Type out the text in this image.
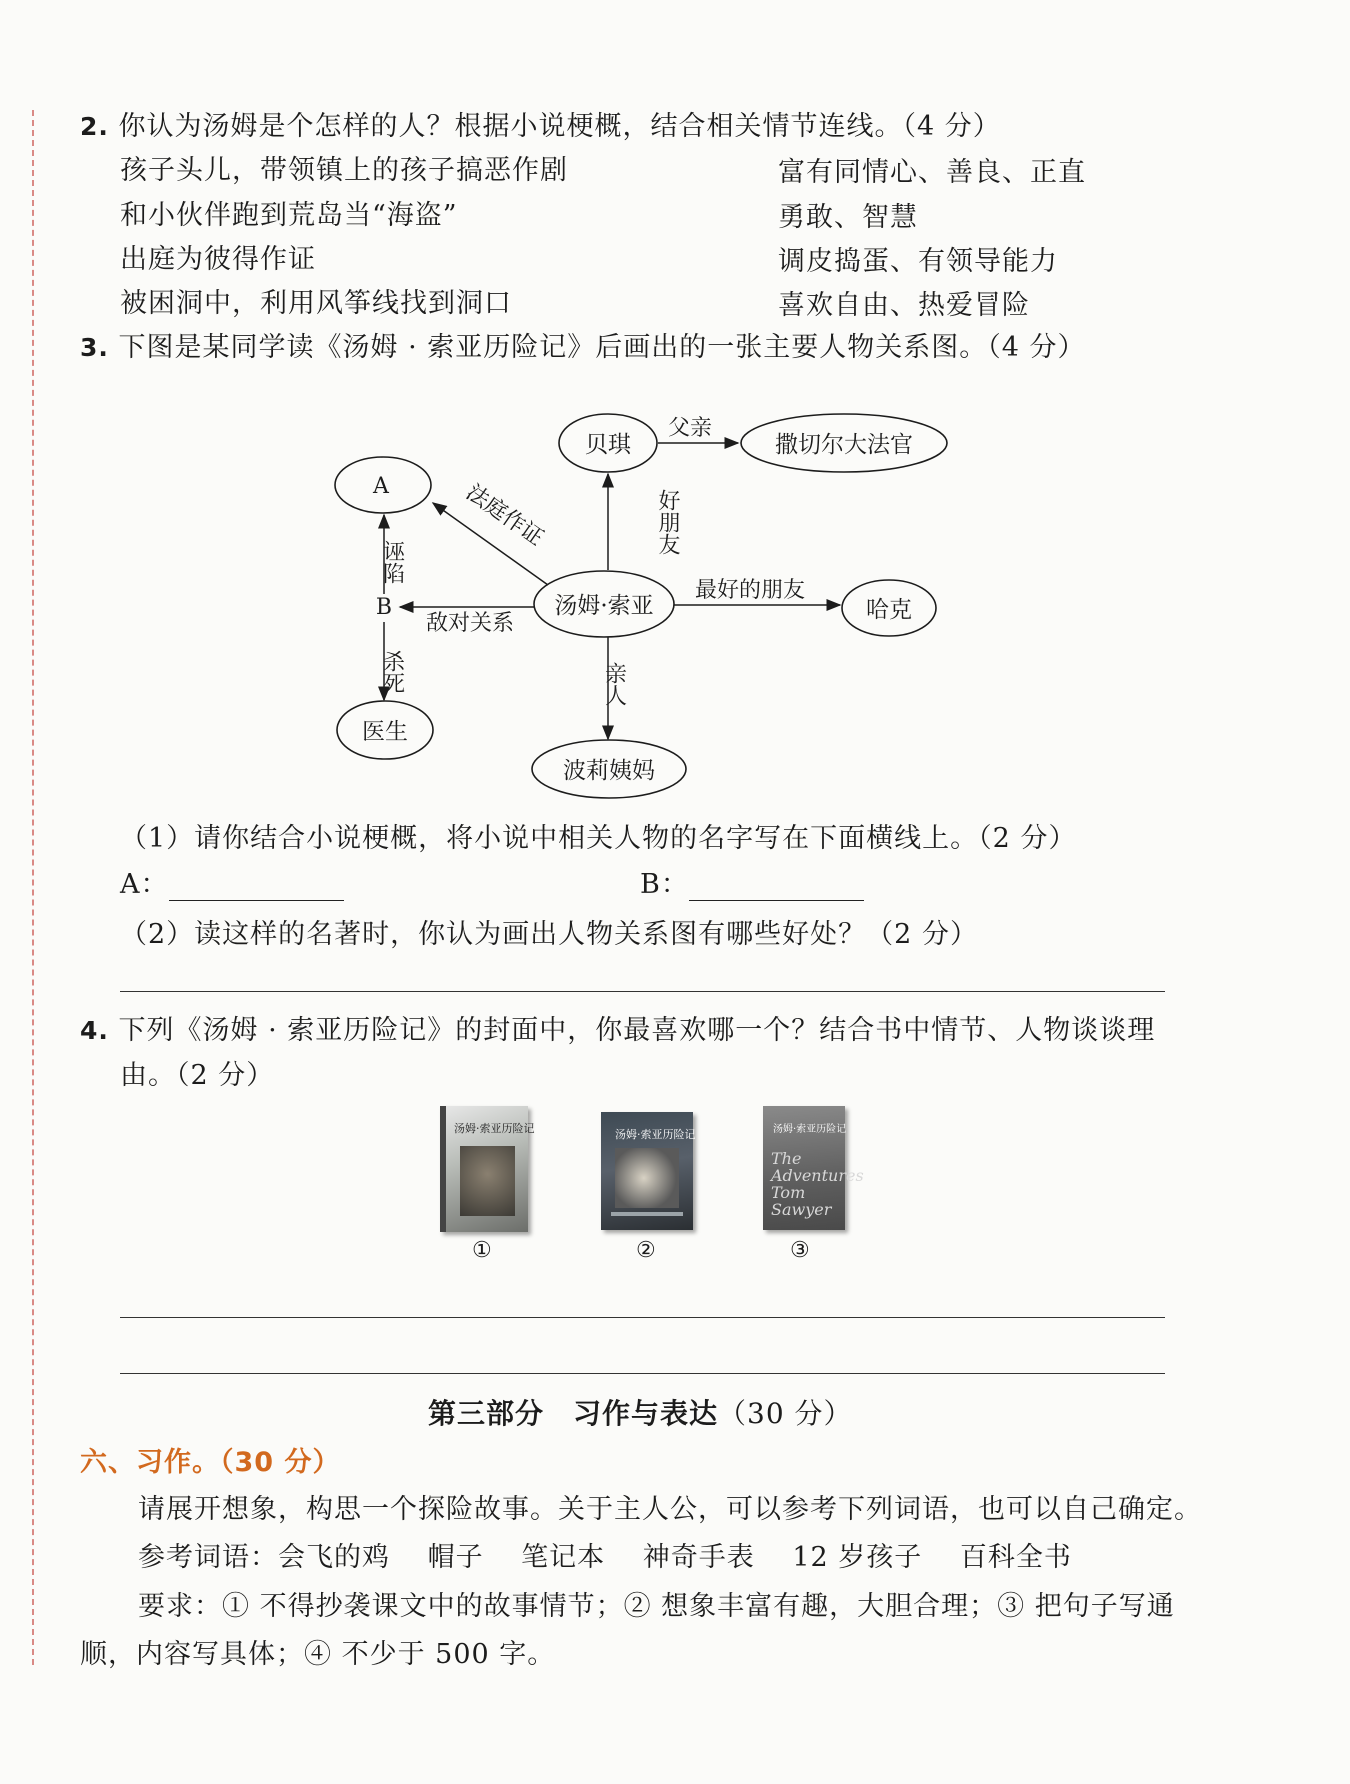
2. 你认为汤姆是个怎样的人？根据小说梗概，结合相关情节连线。（4 分）
孩子头儿，带领镇上的孩子搞恶作剧
和小伙伴跑到荒岛当“海盗”
出庭为彼得作证
被困洞中，利用风筝线找到洞口
富有同情心、善良、正直
勇敢、智慧
调皮捣蛋、有领导能力
喜欢自由、热爱冒险
3. 下图是某同学读《汤姆 · 索亚历险记》后画出的一张主要人物关系图。（4 分）
贝琪	撒切尔大法官
A
B	汤姆·索亚	哈克
医生
波莉姨妈
父亲
好朋友
法庭作证
诬陷
敌对关系
杀死
最好的朋友
亲人
（1）请你结合小说梗概，将小说中相关人物的名字写在下面横线上。（2 分）
A：	B：
（2）读这样的名著时，你认为画出人物关系图有哪些好处？（2 分）
4. 下列《汤姆 · 索亚历险记》的封面中，你最喜欢哪一个？结合书中情节、人物谈谈理
由。（2 分）
汤姆·索亚历险记
①
汤姆·索亚历险记
②
汤姆·索亚历险记
The Adventures Tom Sawyer
③
第三部分　习作与表达（30 分）
六、习作。（30 分）
请展开想象，构思一个探险故事。关于主人公，可以参考下列词语，也可以自己确定。
参考词语：会飞的鸡　 帽子　 笔记本　 神奇手表　 12 岁孩子　 百科全书
要求：① 不得抄袭课文中的故事情节；② 想象丰富有趣，大胆合理；③ 把句子写通
顺，内容写具体；④ 不少于 500 字。
